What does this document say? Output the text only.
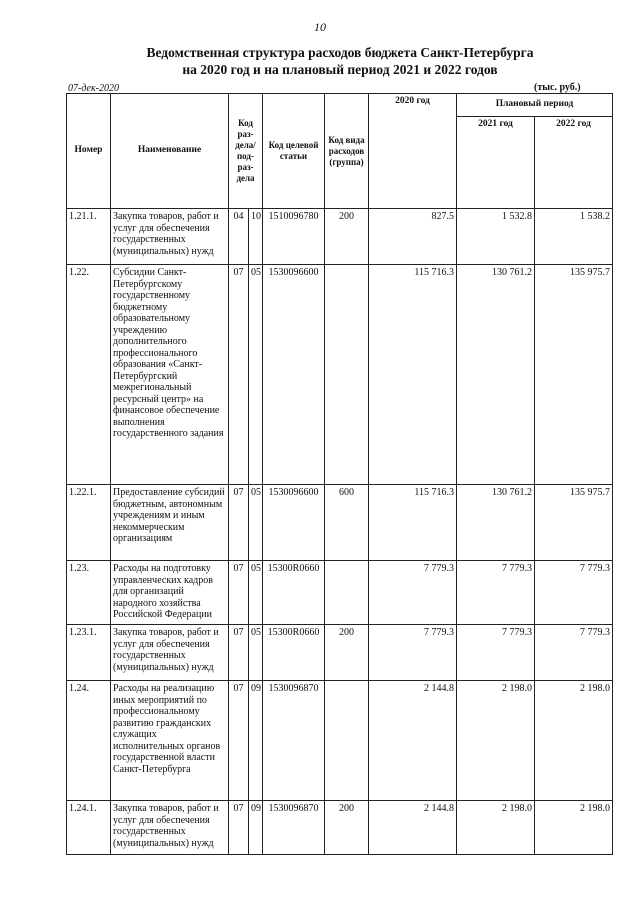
10
Ведомственная структура расходов бюджета Санкт-Петербурга
на 2020 год и на плановый период 2021 и 2022 годов
07-дек-2020	(тыс. руб.)
Номер	Наименование	Код раз- дела/ под- раз- дела		Код целевой статьи	Код вида расходов (группа)	2020 год	Плановый период	
							2021 год	2022 год
1.21.1.	Закупка товаров, работ и услуг для обеспечения государственных (муниципальных) нужд	04	10	1510096780	200	827.5	1 532.8	1 538.2
1.22.	Субсидии Санкт-Петербургскому государственному бюджетному образовательному учреждению дополнительного профессионального образования «Санкт-Петербургский межрегиональный ресурсный центр» на финансовое обеспечение выполнения государственного задания	07	05	1530096600		115 716.3	130 761.2	135 975.7
1.22.1.	Предоставление субсидий бюджетным, автономным учреждениям и иным некоммерческим организациям	07	05	1530096600	600	115 716.3	130 761.2	135 975.7
1.23.	Расходы на подготовку управленческих кадров для организаций народного хозяйства Российской Федерации	07	05	15300R0660		7 779.3	7 779.3	7 779.3
1.23.1.	Закупка товаров, работ и услуг для обеспечения государственных (муниципальных) нужд	07	05	15300R0660	200	7 779.3	7 779.3	7 779.3
1.24.	Расходы на реализацию иных мероприятий по профессиональному развитию гражданских служащих исполнительных органов государственной власти Санкт-Петербурга	07	09	1530096870		2 144.8	2 198.0	2 198.0
1.24.1.	Закупка товаров, работ и услуг для обеспечения государственных (муниципальных) нужд	07	09	1530096870	200	2 144.8	2 198.0	2 198.0
